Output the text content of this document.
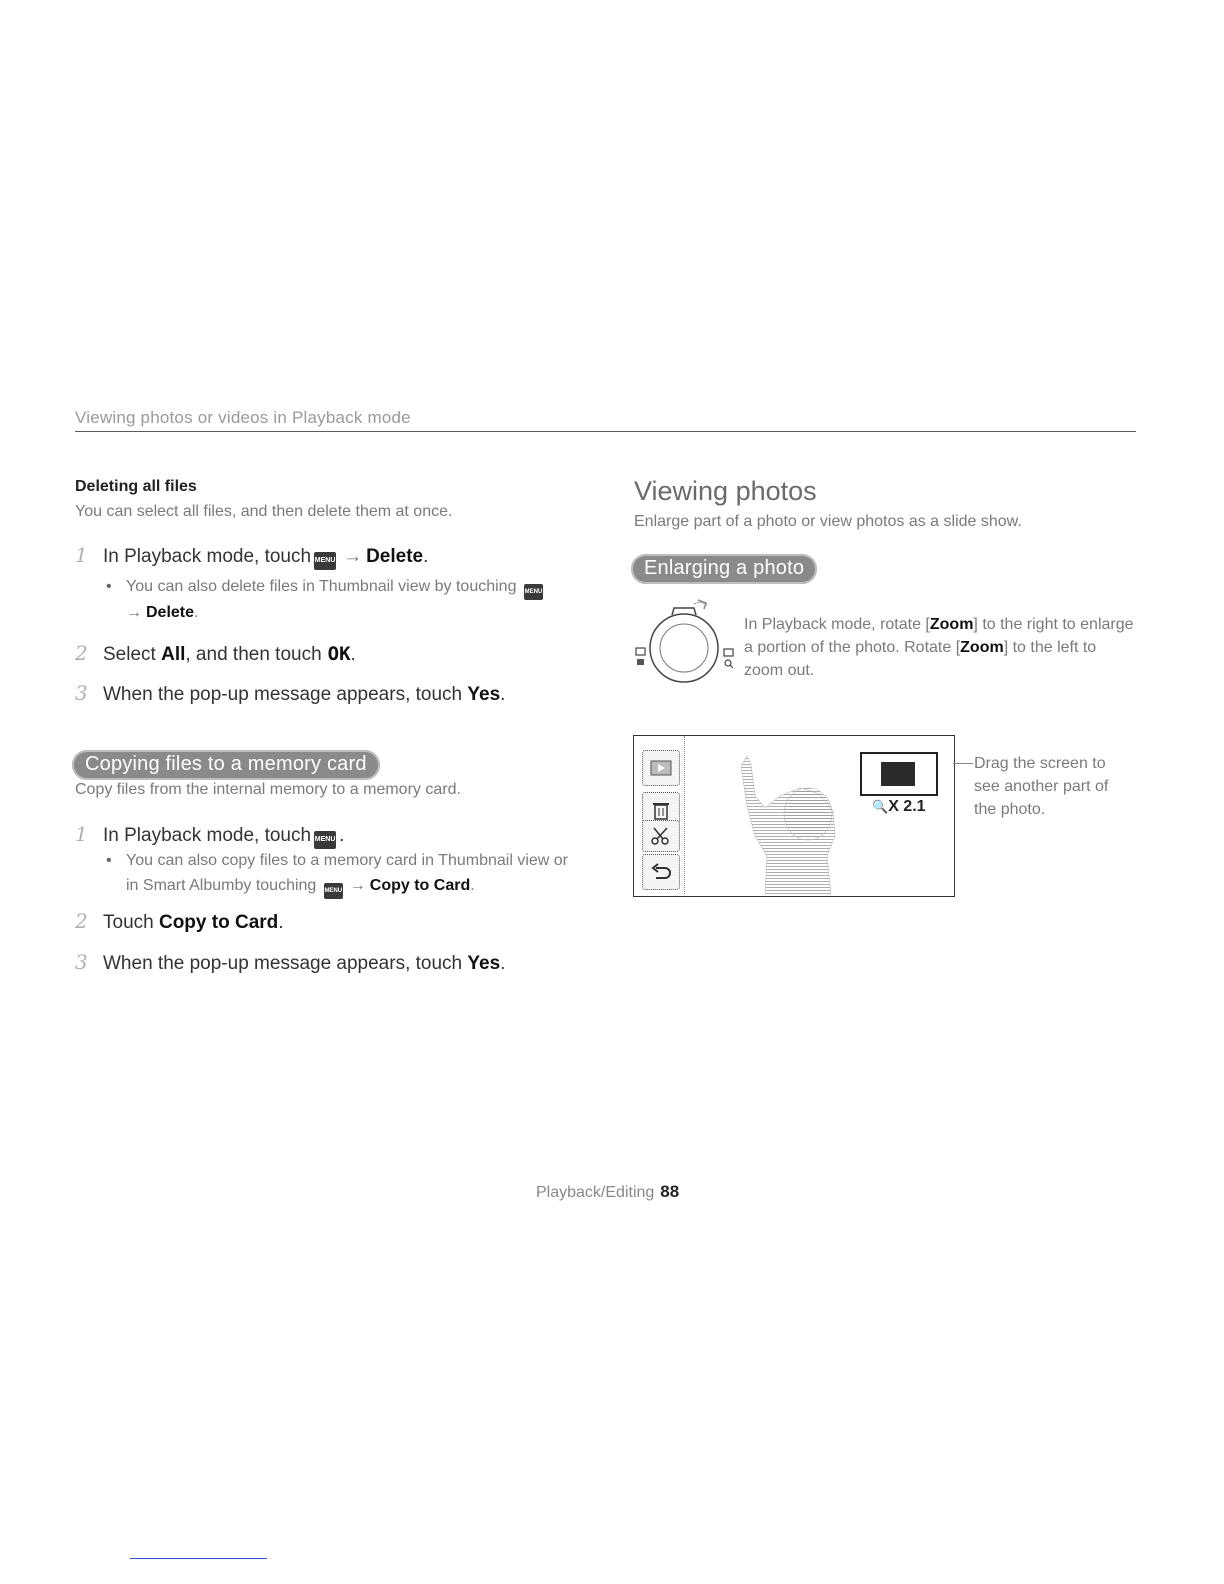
Viewing photos or videos in Playback mode
Deleting all files
You can select all files, and then delete them at once.
1 In Playback mode, touch MENU → Delete .
• You can also delete files in Thumbnail view by touching MENU
→ Delete.
2 Select
All , and then touch OK .
3 When the pop-up message appears, touch
Yes .
Copying files to a memory card
Copy files from the internal memory to a memory card.
1 In Playback mode, touch MENU .
• You can also copy files to a memory card in Thumbnail view or
in Smart Albumby touching MENU → Copy to Card.
2 Touch
Copy to Card .
3 When the pop-up message appears, touch
Yes .
Viewing photos
Enlarge part of a photo or view photos as a slide show.
Enlarging a photo
In Playback mode, rotate [Zoom] to the right to enlarge
a portion of the photo. Rotate [Zoom] to the left to
zoom out.
🔍X 2.1
Drag the screen to
see another part of
the photo.
Playback/Editing 88
